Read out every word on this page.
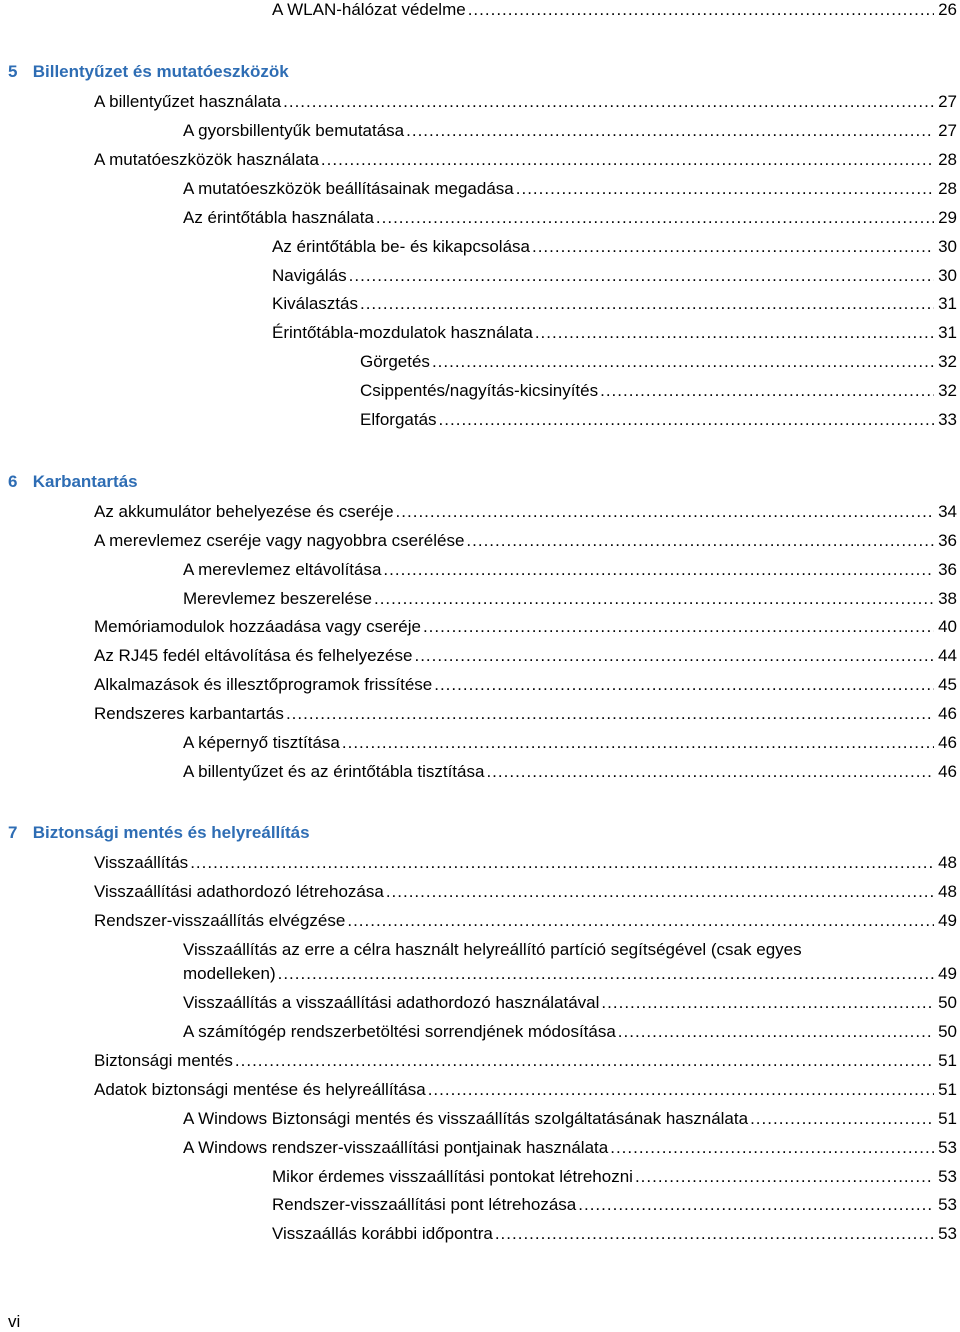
A WLAN-hálózat védelme .....	26
5 Billentyűzet és mutatóeszközök
A billentyűzet használata .....	27
A gyorsbillentyűk bemutatása .....	27
A mutatóeszközök használata .....	28
A mutatóeszközök beállításainak megadása .....	28
Az érintőtábla használata .....	29
Az érintőtábla be- és kikapcsolása .....	30
Navigálás .....	30
Kiválasztás .....	31
Érintőtábla-mozdulatok használata .....	31
Görgetés .....	32
Csippentés/nagyítás-kicsinyítés .....	32
Elforgatás .....	33
6 Karbantartás
Az akkumulátor behelyezése és cseréje .....	34
A merevlemez cseréje vagy nagyobbra cserélése .....	36
A merevlemez eltávolítása .....	36
Merevlemez beszerelése .....	38
Memóriamodulok hozzáadása vagy cseréje .....	40
Az RJ45 fedél eltávolítása és felhelyezése .....	44
Alkalmazások és illesztőprogramok frissítése .....	45
Rendszeres karbantartás .....	46
A képernyő tisztítása .....	46
A billentyűzet és az érintőtábla tisztítása .....	46
7 Biztonsági mentés és helyreállítás
Visszaállítás .....	48
Visszaállítási adathordozó létrehozása .....	48
Rendszer-visszaállítás elvégzése .....	49
Visszaállítás az erre a célra használt helyreállító partíció segítségével (csak egyes
modelleken) .....	49
Visszaállítás a visszaállítási adathordozó használatával .....	50
A számítógép rendszerbetöltési sorrendjének módosítása .....	50
Biztonsági mentés .....	51
Adatok biztonsági mentése és helyreállítása .....	51
A Windows Biztonsági mentés és visszaállítás szolgáltatásának használata .....	51
A Windows rendszer-visszaállítási pontjainak használata .....	53
Mikor érdemes visszaállítási pontokat létrehozni .....	53
Rendszer-visszaállítási pont létrehozása .....	53
Visszaállás korábbi időpontra .....	53
vi
